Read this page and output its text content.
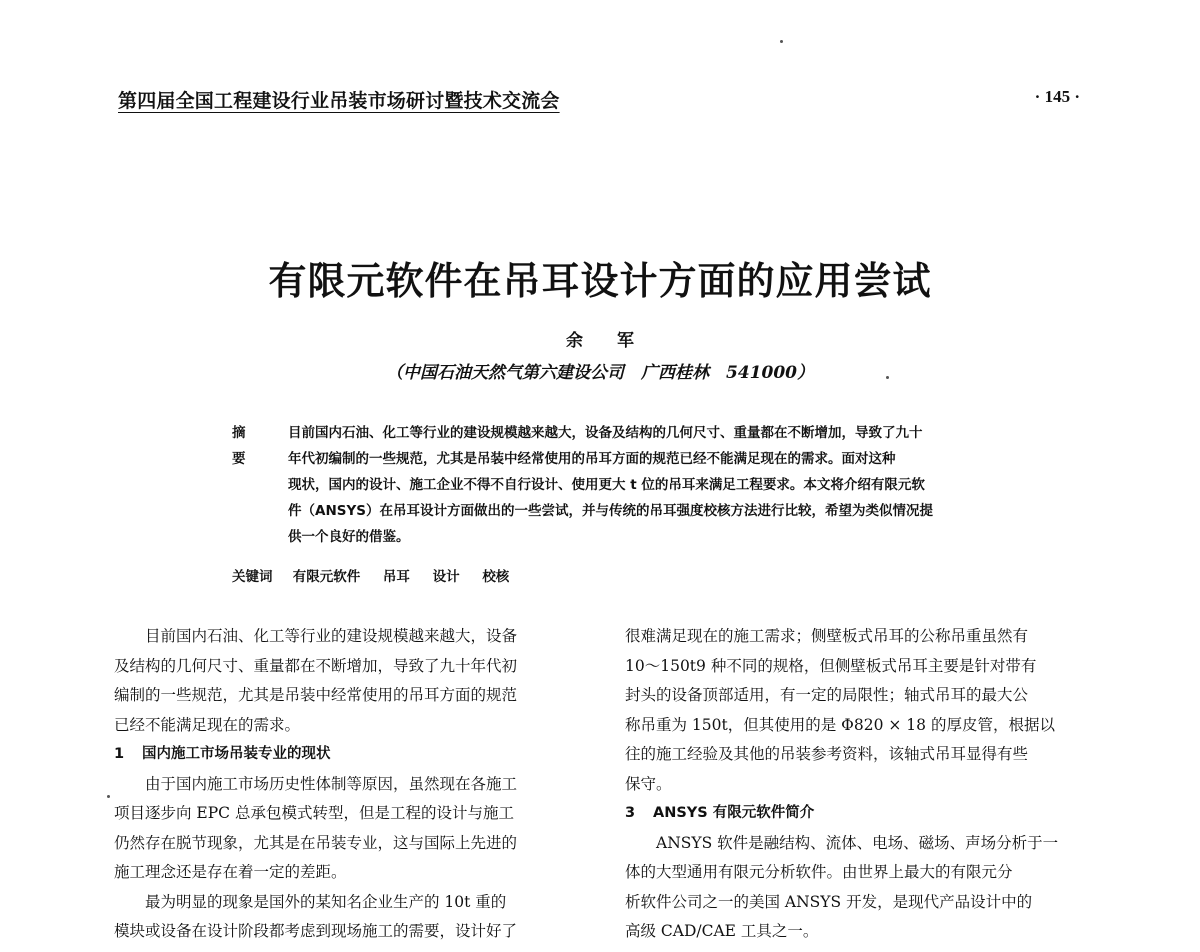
第四届全国工程建设行业吊装市场研讨暨技术交流会	· 145 ·
有限元软件在吊耳设计方面的应用尝试
余 军
（中国石油天然气第六建设公司　广西桂林　541000）
摘 要
目前国内石油、化工等行业的建设规模越来越大，设备及结构的几何尺寸、重量都在不断增加，导致了九十
年代初编制的一些规范，尤其是吊装中经常使用的吊耳方面的规范已经不能满足现在的需求。面对这种
现状，国内的设计、施工企业不得不自行设计、使用更大 t 位的吊耳来满足工程要求。本文将介绍有限元软
件（ANSYS）在吊耳设计方面做出的一些尝试，并与传统的吊耳强度校核方法进行比较，希望为类似情况提
供一个良好的借鉴。
关键词 有限元软件 吊耳 设计 校核
目前国内石油、化工等行业的建设规模越来越大，设备
及结构的几何尺寸、重量都在不断增加，导致了九十年代初
编制的一些规范，尤其是吊装中经常使用的吊耳方面的规范
已经不能满足现在的需求。
1 国内施工市场吊装专业的现状
由于国内施工市场历史性体制等原因，虽然现在各施工
项目逐步向 EPC 总承包模式转型，但是工程的设计与施工
仍然存在脱节现象，尤其是在吊装专业，这与国际上先进的
施工理念还是存在着一定的差距。
最为明显的现象是国外的某知名企业生产的 10t 重的
模块或设备在设计阶段都考虑到现场施工的需要，设计好了
很难满足现在的施工需求；侧壁板式吊耳的公称吊重虽然有
10～150t9 种不同的规格，但侧壁板式吊耳主要是针对带有
封头的设备顶部适用，有一定的局限性；轴式吊耳的最大公
称吊重为 150t，但其使用的是 Φ820 × 18 的厚皮管，根据以
往的施工经验及其他的吊装参考资料，该轴式吊耳显得有些
保守。
3 ANSYS 有限元软件简介
ANSYS 软件是融结构、流体、电场、磁场、声场分析于一
体的大型通用有限元分析软件。由世界上最大的有限元分
析软件公司之一的美国 ANSYS 开发，是现代产品设计中的
高级 CAD/CAE 工具之一。
